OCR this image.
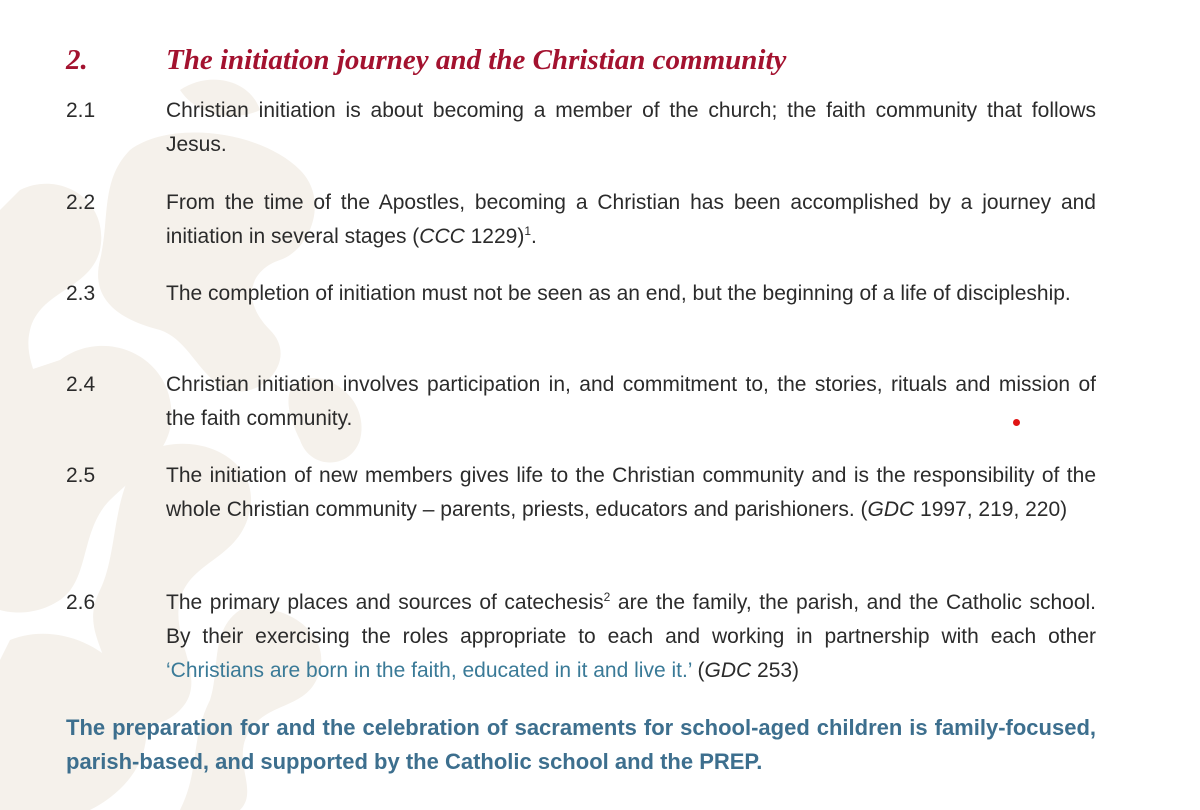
2.	The initiation journey and the Christian community
2.1	Christian initiation is about becoming a member of the church; the faith community that follows Jesus.
2.2	From the time of the Apostles, becoming a Christian has been accomplished by a journey and initiation in several stages (CCC 1229)$^1$.
2.3	The completion of initiation must not be seen as an end, but the beginning of a life of discipleship.
2.4	Christian initiation involves participation in, and commitment to, the stories, rituals and mission of the faith community.
2.5	The initiation of new members gives life to the Christian community and is the responsibility of the whole Christian community – parents, priests, educators and parishioners. (GDC 1997, 219, 220)
2.6	The primary places and sources of catechesis$^2$ are the family, the parish, and the Catholic school. By their exercising the roles appropriate to each and working in partnership with each other ‘Christians are born in the faith, educated in it and live it.’ (GDC 253)
The preparation for and the celebration of sacraments for school-aged children is family-focused, parish-based, and supported by the Catholic school and the PREP.
